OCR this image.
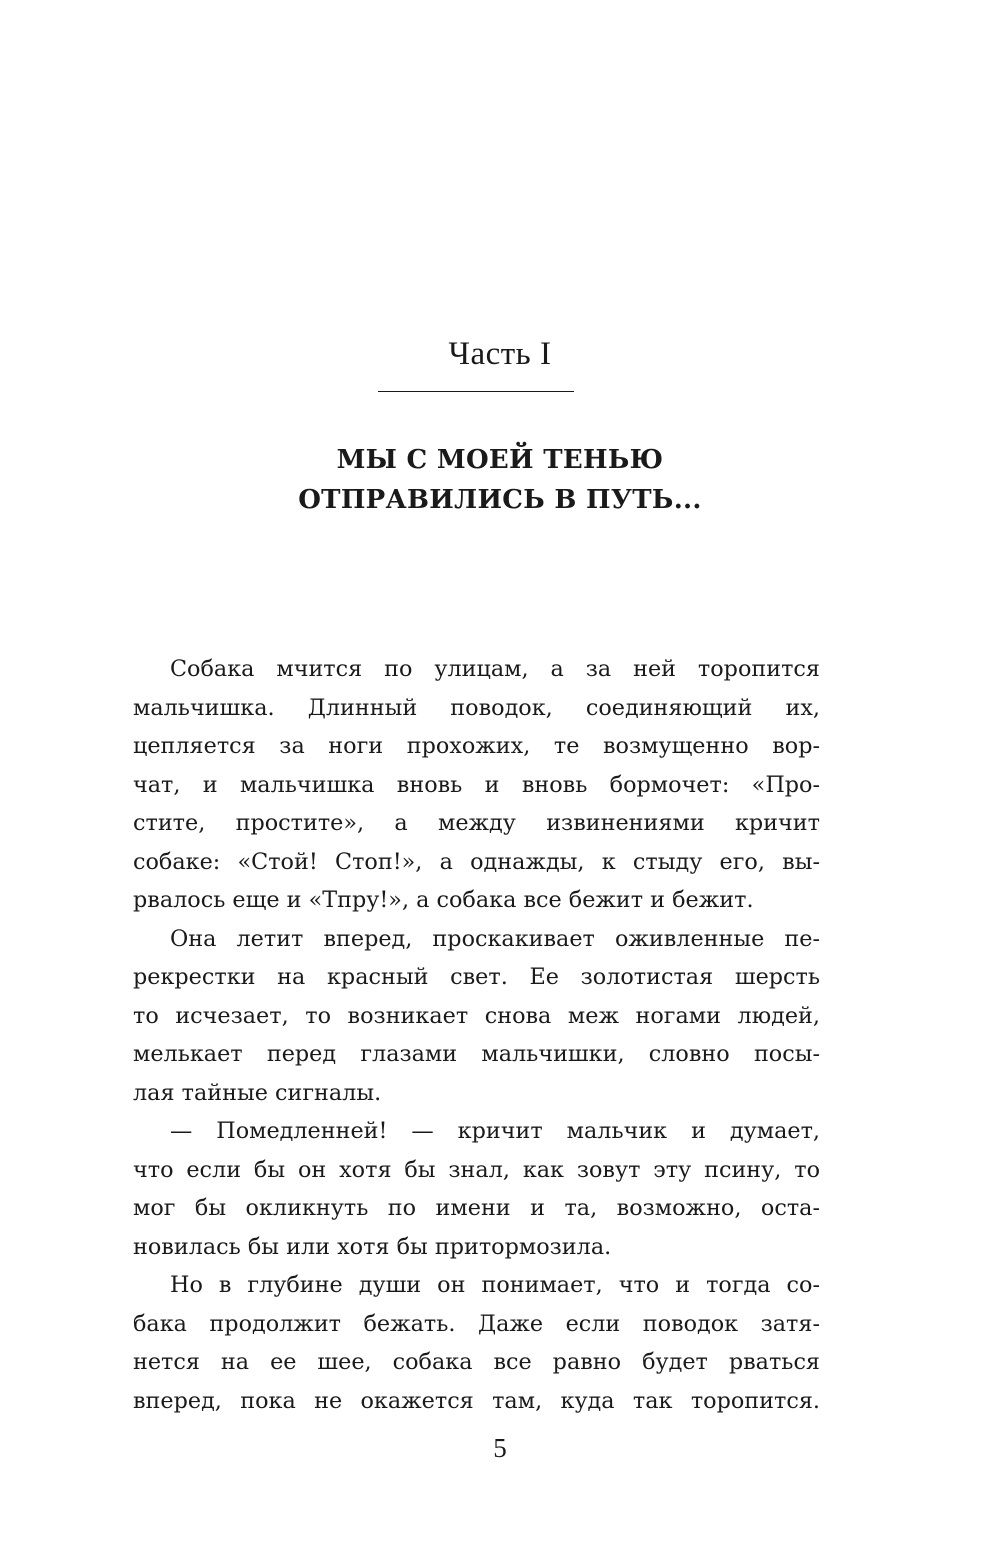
Часть I
МЫ С МОЕЙ ТЕНЬЮ
ОТПРАВИЛИСЬ В ПУТЬ...
Собака мчится по улицам, а за ней торопится
мальчишка. Длинный поводок, соединяющий их,
цепляется за ноги прохожих, те возмущенно вор-
чат, и мальчишка вновь и вновь бормочет: «Про-
стите, простите», а между извинениями кричит
собаке: «Стой! Стоп!», а однажды, к стыду его, вы-
рвалось еще и «Тпру!», а собака все бежит и бежит.
Она летит вперед, проскакивает оживленные пе-
рекрестки на красный свет. Ее золотистая шерсть
то исчезает, то возникает снова меж ногами людей,
мелькает перед глазами мальчишки, словно посы-
лая тайные сигналы.
— Помедленней! — кричит мальчик и думает,
что если бы он хотя бы знал, как зовут эту псину, то
мог бы окликнуть по имени и та, возможно, оста-
новилась бы или хотя бы притормозила.
Но в глубине души он понимает, что и тогда со-
бака продолжит бежать. Даже если поводок затя-
нется на ее шее, собака все равно будет рваться
вперед, пока не окажется там, куда так торопится.
5
